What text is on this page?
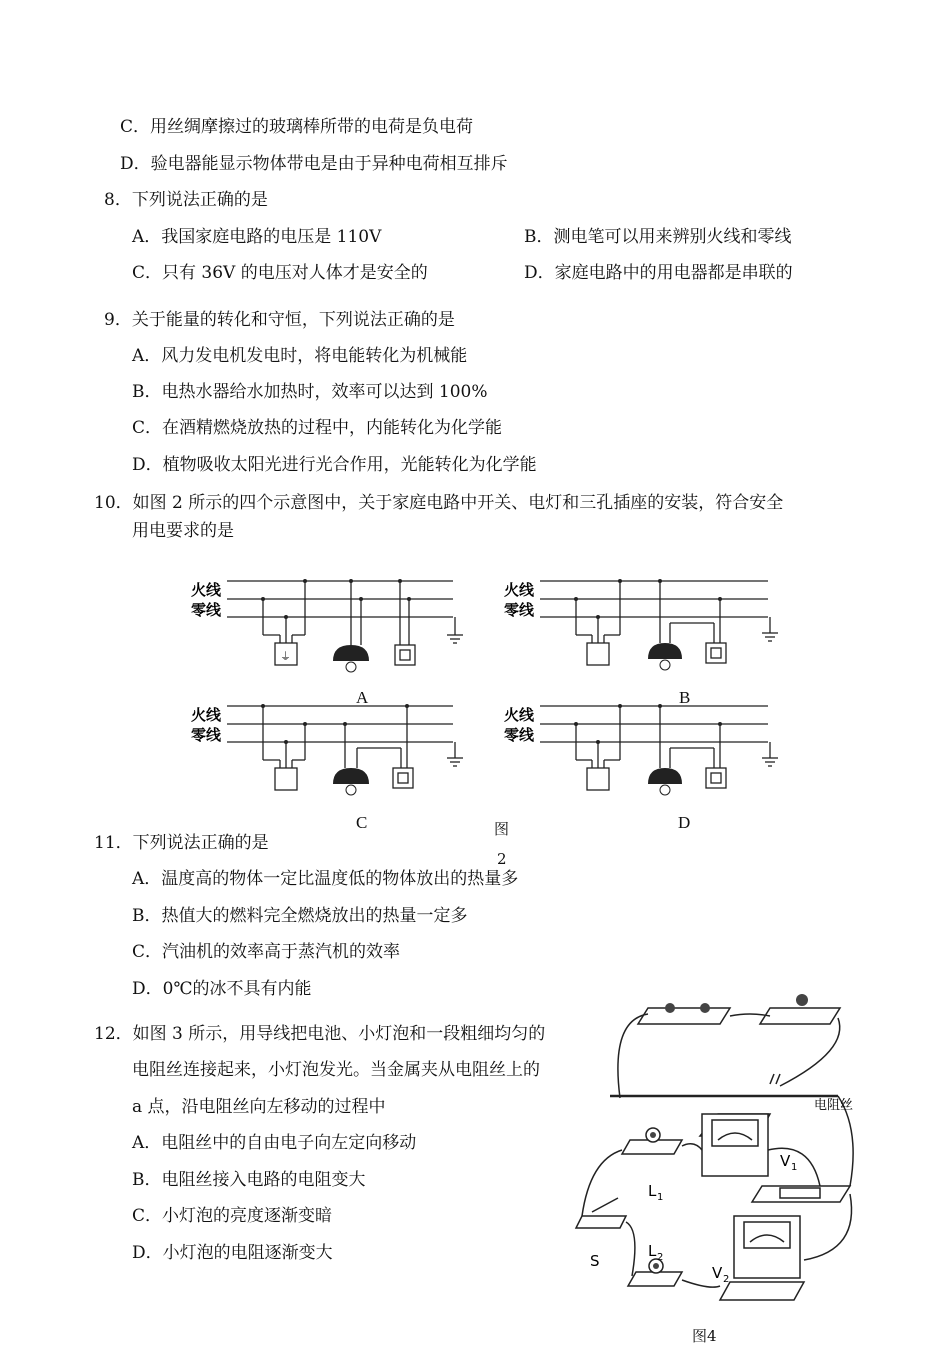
C．用丝绸摩擦过的玻璃棒所带的电荷是负电荷
D．验电器能显示物体带电是由于异种电荷相互排斥
8．下列说法正确的是
A．我国家庭电路的电压是 110V	B．测电笔可以用来辨别火线和零线
C．只有 36V 的电压对人体才是安全的	D．家庭电路中的用电器都是串联的
9．关于能量的转化和守恒，下列说法正确的是
A．风力发电机发电时，将电能转化为机械能
B．电热水器给水加热时，效率可以达到 100%
C．在酒精燃烧放热的过程中，内能转化为化学能
D．植物吸收太阳光进行光合作用，光能转化为化学能
10．如图 2 所示的四个示意图中，关于家庭电路中开关、电灯和三孔插座的安装，符合安全
用电要求的是
火线
零线
⏚
火线
零线
A	B
火线
零线
火线
零线
C	D
图
2
11．下列说法正确的是
A．温度高的物体一定比温度低的物体放出的热量多
B．热值大的燃料完全燃烧放出的热量一定多
C．汽油机的效率高于蒸汽机的效率
D．0℃的冰不具有内能
12．如图 3 所示，用导线把电池、小灯泡和一段粗细均匀的
电阻丝连接起来，小灯泡发光。当金属夹从电阻丝上的
a 点，沿电阻丝向左移动的过程中
A．电阻丝中的自由电子向左定向移动
B．电阻丝接入电路的电阻变大
C．小灯泡的亮度逐渐变暗
D．小灯泡的电阻逐渐变大
电阻丝
V 1
L 1
S
L 2
V 2
图4
